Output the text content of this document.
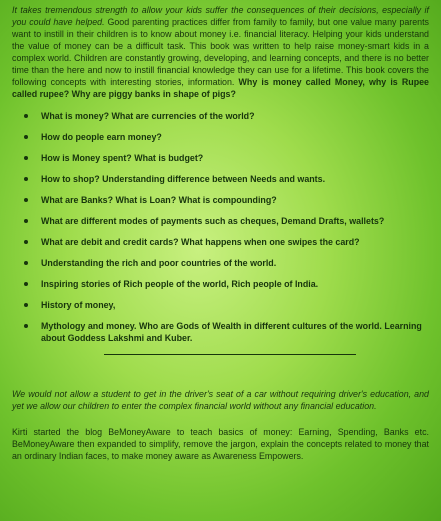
It takes tremendous strength to allow your kids suffer the consequences of their decisions, especially if you could have helped. Good parenting practices differ from family to family, but one value many parents want to instill in their children is to know about money i.e. financial literacy. Helping your kids understand the value of money can be a difficult task. This book was written to help raise money-smart kids in a complex world. Children are constantly growing, developing, and learning concepts, and there is no better time than the here and now to instill financial knowledge they can use for a lifetime. This book covers the following concepts with interesting stories, information. Why is money called Money, why is Rupee called rupee? Why are piggy banks in shape of pigs?

What is money? What are currencies of the world?
How do people earn money?
How is Money spent? What is budget?
How to shop? Understanding difference between Needs and wants.
What are Banks? What is Loan? What is compounding?
What are different modes of payments such as cheques, Demand Drafts, wallets?
What are debit and credit cards? What happens when one swipes the card?
Understanding the rich and poor countries of the world.
Inspiring stories of Rich people of the world, Rich people of India.
History of money,
Mythology and money. Who are Gods of Wealth in different cultures of the world. Learning about Goddess Lakshmi and Kuber.

We would not allow a student to get in the driver's seat of a car without requiring driver's education, and yet we allow our children to enter the complex financial world without any financial education.

Kirti started the blog BeMoneyAware to teach basics of money: Earning, Spending, Banks etc. BeMoneyAware then expanded to simplify, remove the jargon, explain the concepts related to money that an ordinary Indian faces, to make money aware as Awareness Empowers.
